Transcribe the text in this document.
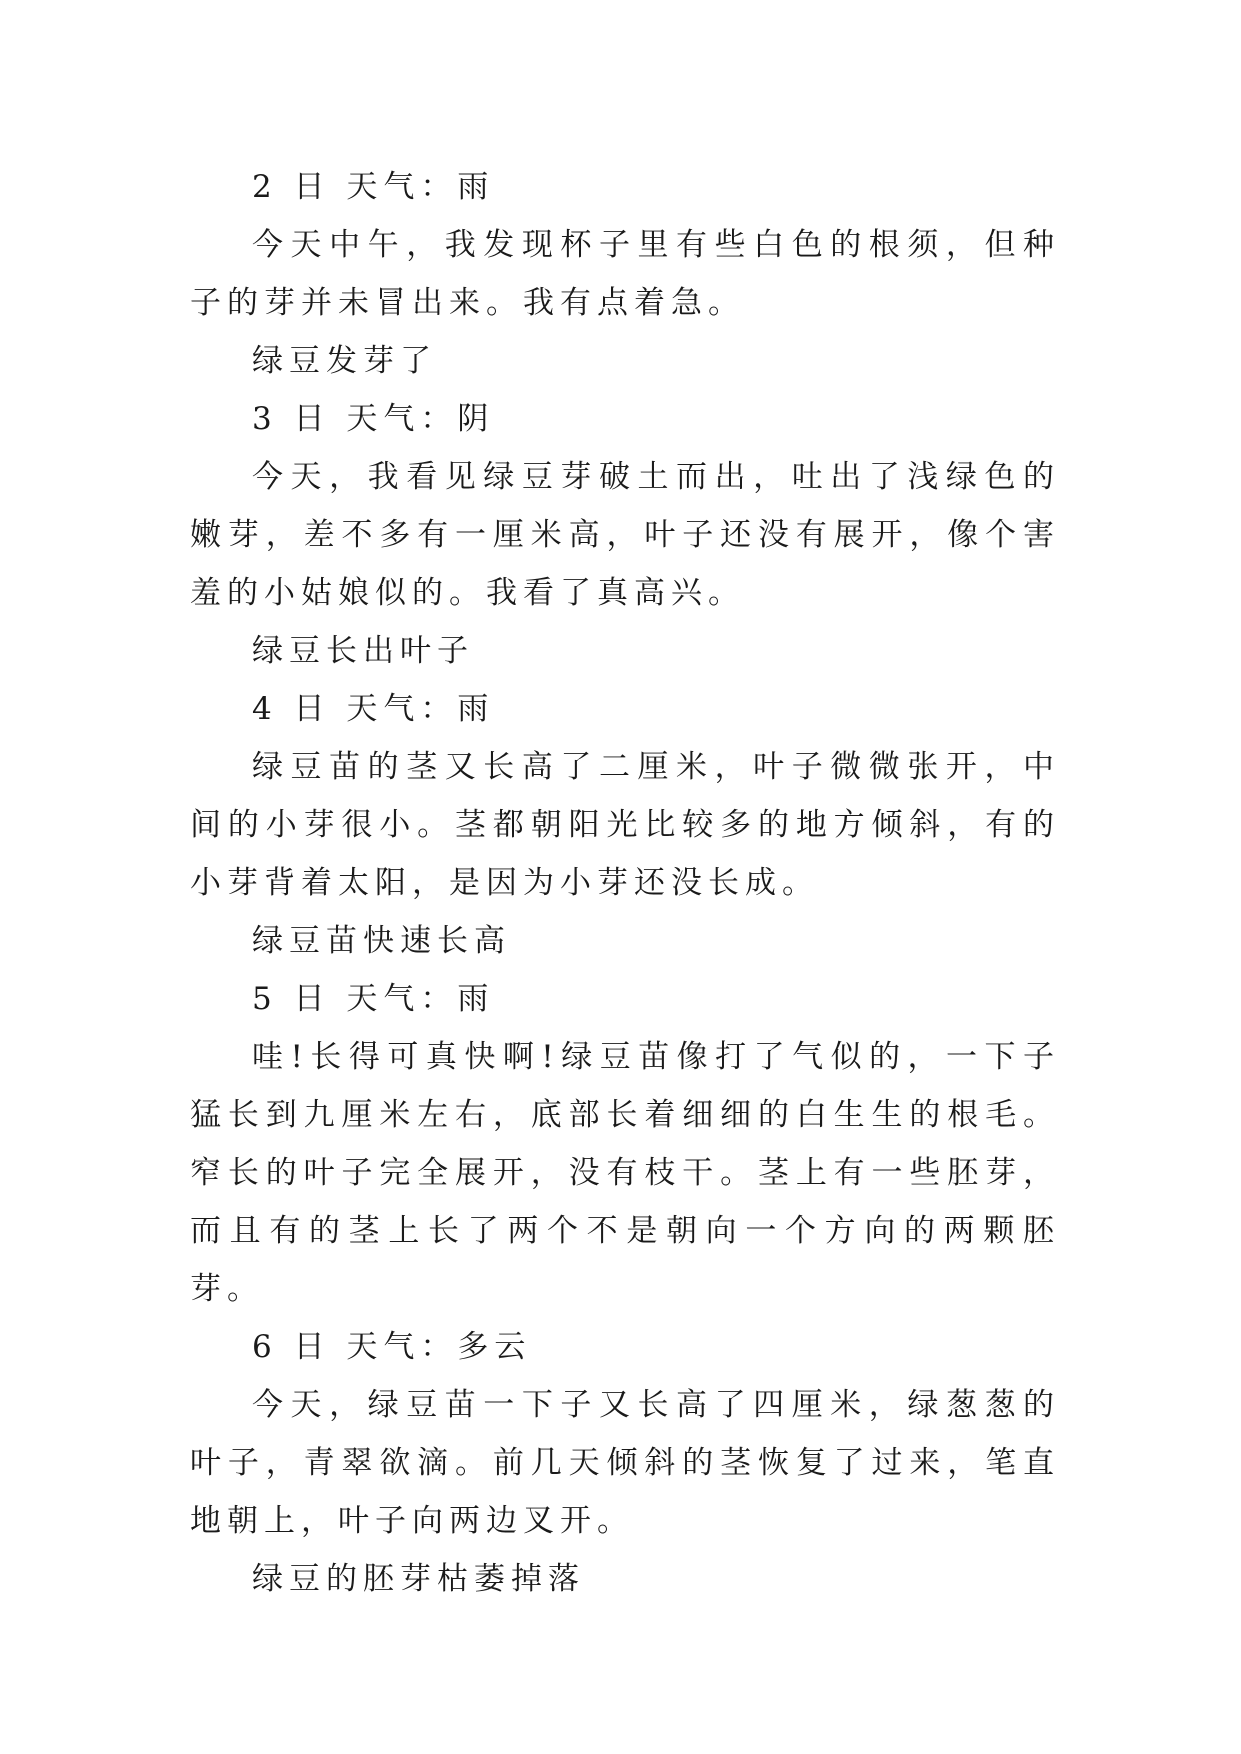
2 日 天气：雨

今天中午，我发现杯子里有些白色的根须，但种子的芽并未冒出来。我有点着急。

绿豆发芽了

3 日 天气：阴

今天，我看见绿豆芽破土而出，吐出了浅绿色的嫩芽，差不多有一厘米高，叶子还没有展开，像个害羞的小姑娘似的。我看了真高兴。

绿豆长出叶子

4 日 天气：雨

绿豆苗的茎又长高了二厘米，叶子微微张开，中间的小芽很小。茎都朝阳光比较多的地方倾斜，有的小芽背着太阳，是因为小芽还没长成。

绿豆苗快速长高

5 日 天气：雨

哇!长得可真快啊!绿豆苗像打了气似的，一下子猛长到九厘米左右，底部长着细细的白生生的根毛。窄长的叶子完全展开，没有枝干。茎上有一些胚芽，而且有的茎上长了两个不是朝向一个方向的两颗胚芽。

6 日 天气：多云

今天，绿豆苗一下子又长高了四厘米，绿葱葱的叶子，青翠欲滴。前几天倾斜的茎恢复了过来，笔直地朝上，叶子向两边叉开。

绿豆的胚芽枯萎掉落
